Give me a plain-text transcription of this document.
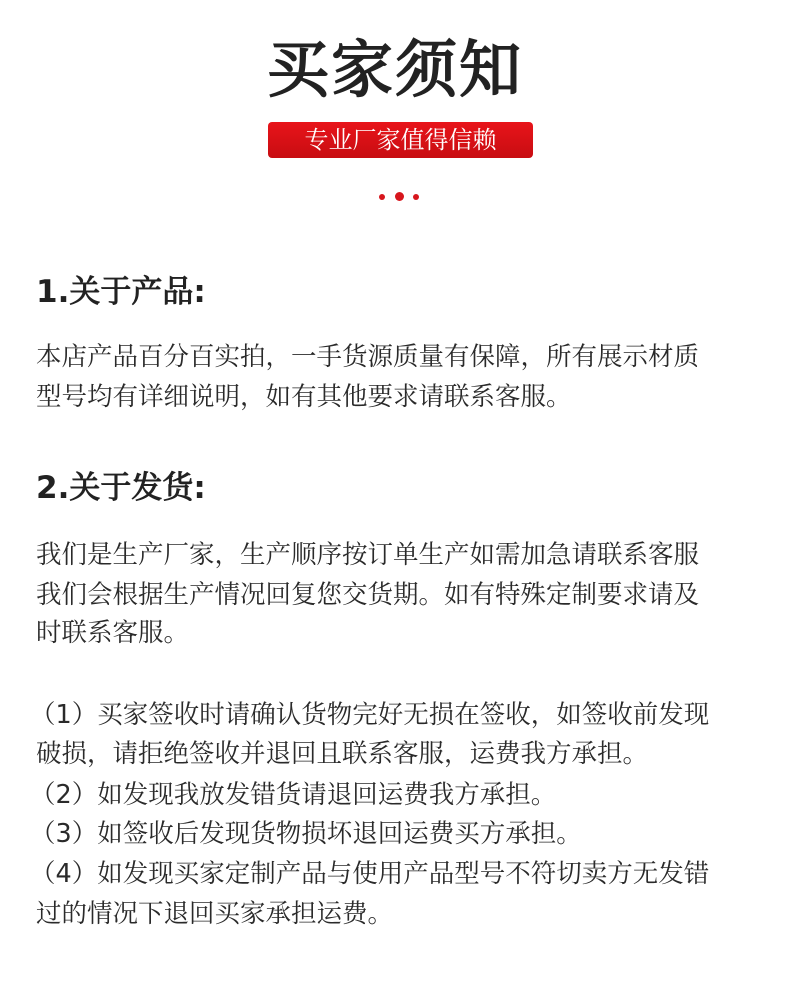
买家须知
专业厂家值得信赖
1.关于产品:
本店产品百分百实拍，一手货源质量有保障，所有展示材质
型号均有详细说明，如有其他要求请联系客服。
2.关于发货:
我们是生产厂家，生产顺序按订单生产如需加急请联系客服
我们会根据生产情况回复您交货期。如有特殊定制要求请及
时联系客服。
（1）买家签收时请确认货物完好无损在签收，如签收前发现
破损，请拒绝签收并退回且联系客服，运费我方承担。
（2）如发现我放发错货请退回运费我方承担。
（3）如签收后发现货物损坏退回运费买方承担。
（4）如发现买家定制产品与使用产品型号不符切卖方无发错
过的情况下退回买家承担运费。
